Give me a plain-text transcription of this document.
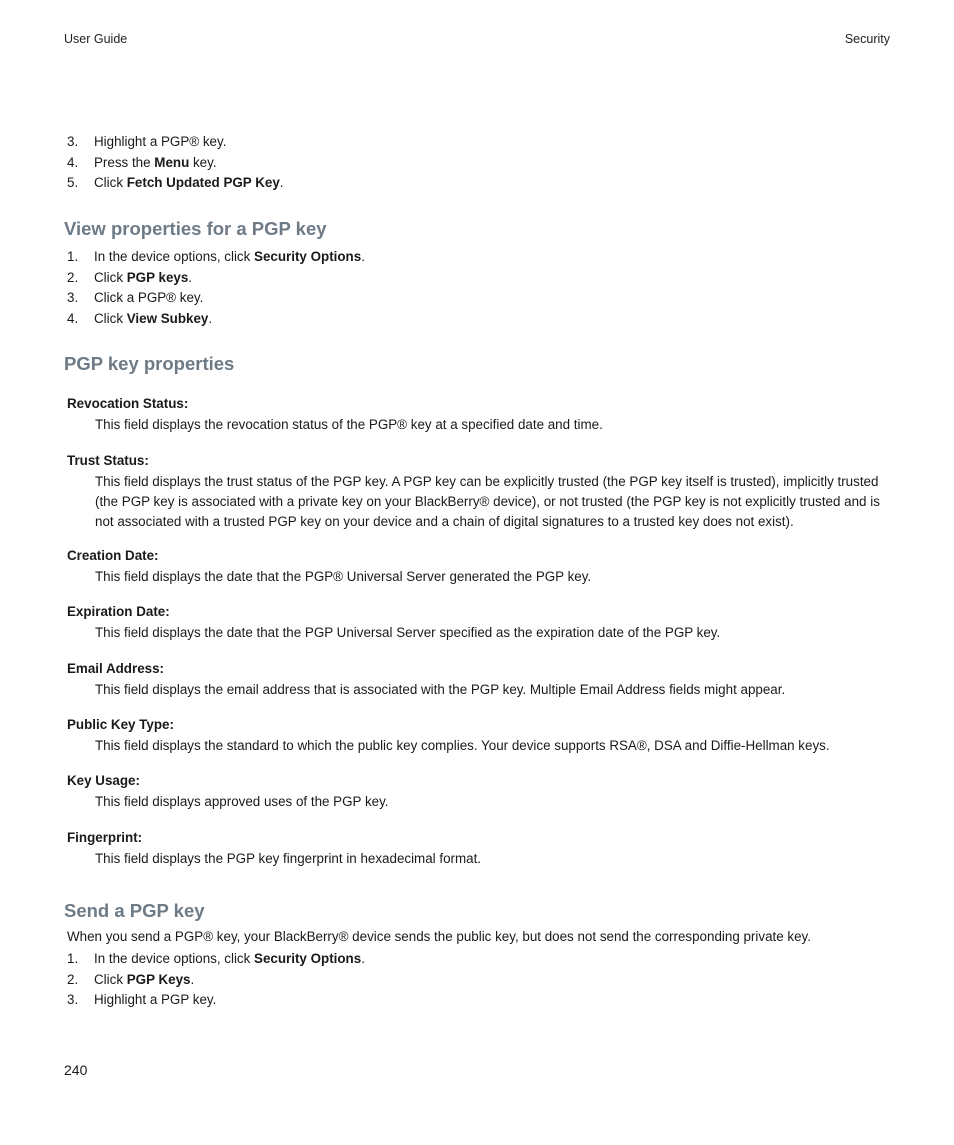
User Guide	Security
3. Highlight a PGP® key.
4. Press the Menu key.
5. Click Fetch Updated PGP Key.
View properties for a PGP key
1. In the device options, click Security Options.
2. Click PGP keys.
3. Click a PGP® key.
4. Click View Subkey.
PGP key properties
Revocation Status:
This field displays the revocation status of the PGP® key at a specified date and time.
Trust Status:
This field displays the trust status of the PGP key. A PGP key can be explicitly trusted (the PGP key itself is trusted), implicitly trusted
(the PGP key is associated with a private key on your BlackBerry® device), or not trusted (the PGP key is not explicitly trusted and is
not associated with a trusted PGP key on your device and a chain of digital signatures to a trusted key does not exist).
Creation Date:
This field displays the date that the PGP® Universal Server generated the PGP key.
Expiration Date:
This field displays the date that the PGP Universal Server specified as the expiration date of the PGP key.
Email Address:
This field displays the email address that is associated with the PGP key. Multiple Email Address fields might appear.
Public Key Type:
This field displays the standard to which the public key complies. Your device supports RSA®, DSA and Diffie-Hellman keys.
Key Usage:
This field displays approved uses of the PGP key.
Fingerprint:
This field displays the PGP key fingerprint in hexadecimal format.
Send a PGP key
When you send a PGP® key, your BlackBerry® device sends the public key, but does not send the corresponding private key.
1. In the device options, click Security Options.
2. Click PGP Keys.
3. Highlight a PGP key.
240
